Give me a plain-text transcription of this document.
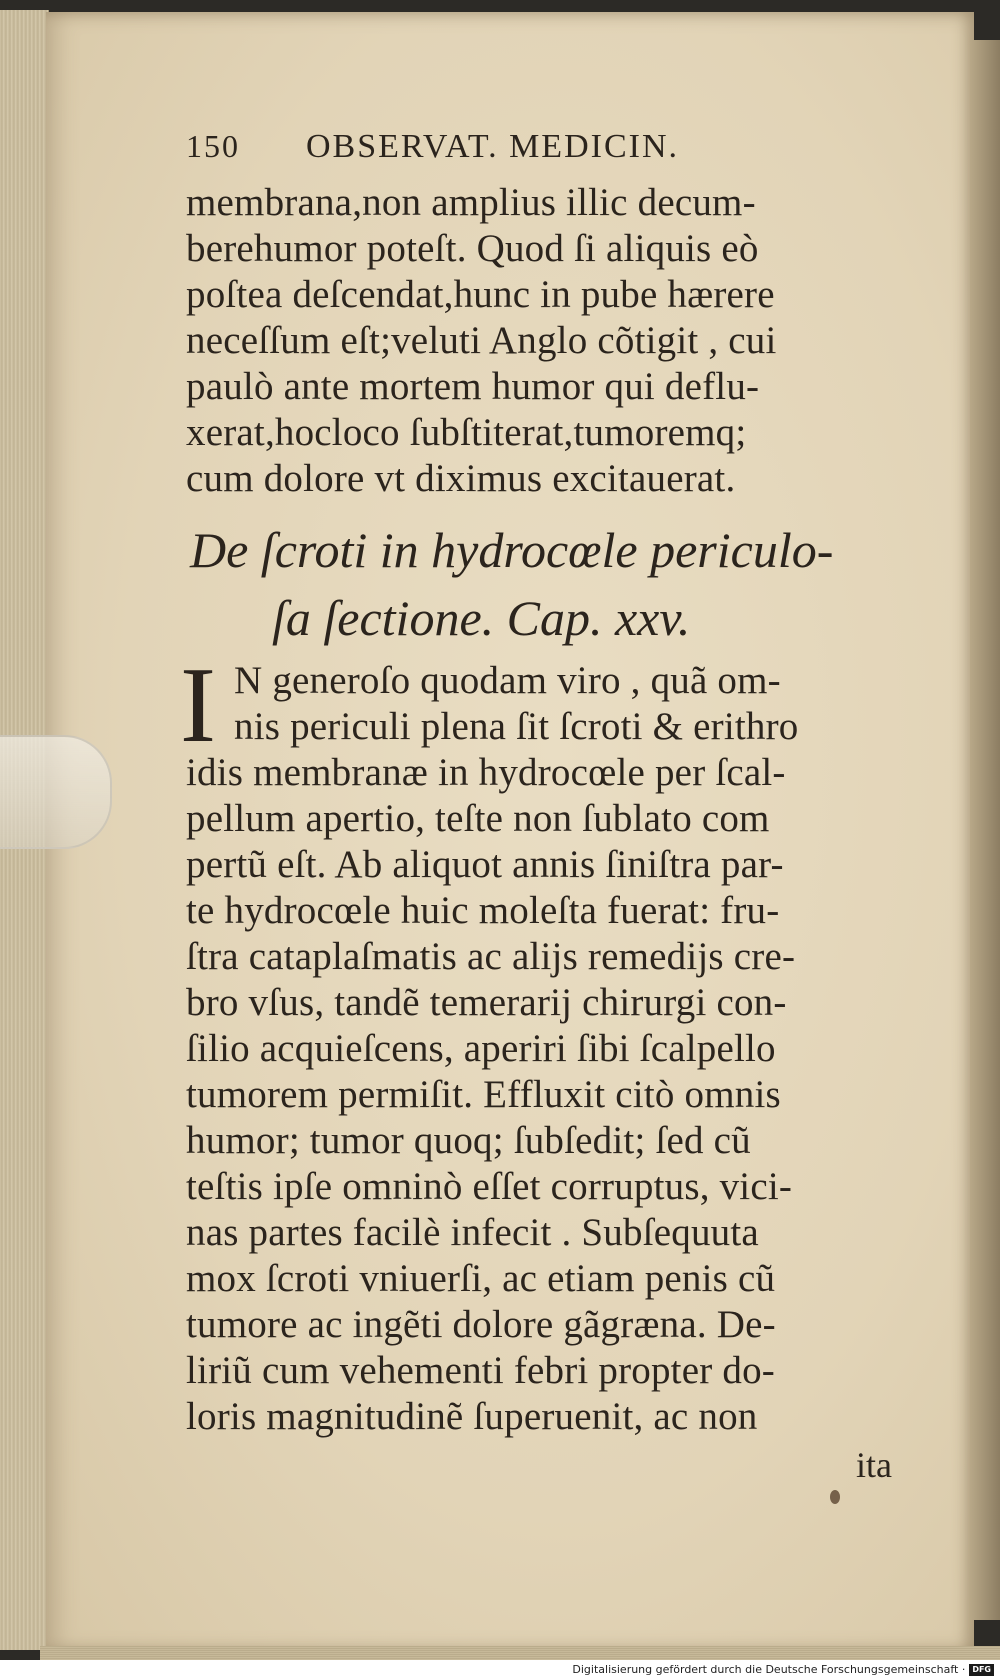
150	OBSERVAT. MEDICIN.
membrana,non amplius illic decum-
berehumor poteſt. Quod ſi aliquis eò
poſtea deſcendat,hunc in pube hærere
neceſſum eſt;veluti Anglo cõtigit , cui
paulò ante mortem humor qui deflu-
xerat,hocloco ſubſtiterat,tumoremq;
cum dolore vt diximus excitauerat.
De ſcroti in hydrocœle periculo-
ſa ſectione. Cap. xxv.
I N generoſo quodam viro , quã om-
nis periculi plena ſit ſcroti & erithro
idis membranæ in hydrocœle per ſcal-
pellum apertio, teſte non ſublato com
pertũ eſt. Ab aliquot annis ſiniſtra par-
te hydrocœle huic moleſta fuerat: fru-
ſtra cataplaſmatis ac alijs remedijs cre-
bro vſus, tandẽ temerarij chirurgi con-
ſilio acquieſcens, aperiri ſibi ſcalpello
tumorem permiſit. Effluxit citò omnis
humor; tumor quoq; ſubſedit; ſed cũ
teſtis ipſe omninò eſſet corruptus, vici-
nas partes facilè infecit . Subſequuta
mox ſcroti vniuerſi, ac etiam penis cũ
tumore ac ingẽti dolore gãgræna. De-
liriũ cum vehementi febri propter do-
loris magnitudinẽ ſuperuenit, ac non
ita
Digitalisierung gefördert durch die Deutsche Forschungsgemeinschaft · DFG
